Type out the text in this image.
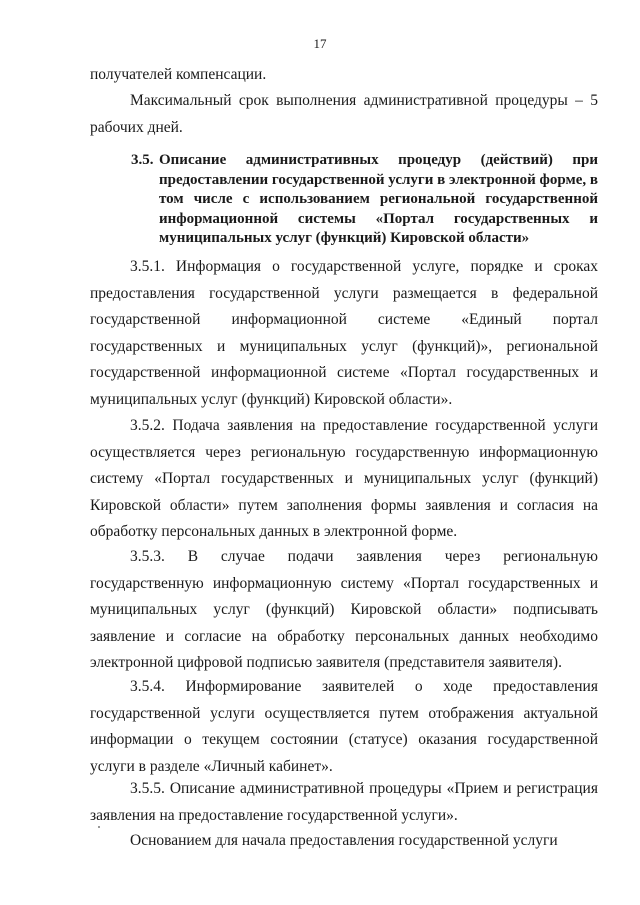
17

получателей компенсации.

Максимальный срок выполнения административной процедуры – 5 рабочих дней.

3.5. Описание административных процедур (действий) при предоставлении государственной услуги в электронной форме, в том числе с использованием региональной государственной информационной системы «Портал государственных и муниципальных услуг (функций) Кировской области»

3.5.1. Информация о государственной услуге, порядке и сроках предоставления государственной услуги размещается в федеральной государственной информационной системе «Единый портал государственных и муниципальных услуг (функций)», региональной государственной информационной системе «Портал государственных и муниципальных услуг (функций) Кировской области».

3.5.2. Подача заявления на предоставление государственной услуги осуществляется через региональную государственную информационную систему «Портал государственных и муниципальных услуг (функций) Кировской области» путем заполнения формы заявления и согласия на обработку персональных данных в электронной форме.

3.5.3. В случае подачи заявления через региональную государственную информационную систему «Портал государственных и муниципальных услуг (функций) Кировской области» подписывать заявление и согласие на обработку персональных данных необходимо электронной цифровой подписью заявителя (представителя заявителя).

3.5.4. Информирование заявителей о ходе предоставления государственной услуги осуществляется путем отображения актуальной информации о текущем состоянии (статусе) оказания государственной услуги в разделе «Личный кабинет».

3.5.5. Описание административной процедуры «Прием и регистрация заявления на предоставление государственной услуги».

Основанием для начала предоставления государственной услуги
